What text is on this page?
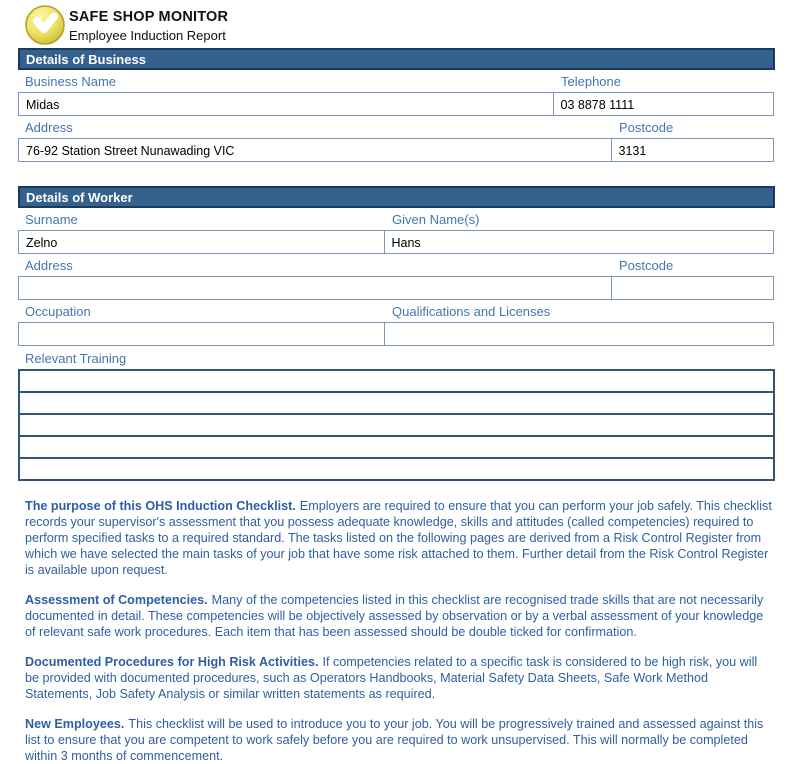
SAFE SHOP MONITOR
Employee Induction Report
Details of Business
Business Name	Telephone
Midas	03 8878 1111
Address	Postcode
76-92 Station Street Nunawading VIC	3131
Details of Worker
Surname	Given Name(s)
Zelno	Hans
Address	Postcode
Occupation	Qualifications and Licenses
Relevant Training
The purpose of this OHS Induction Checklist. Employers are required to ensure that you can perform your job safely. This checklist records your supervisor's assessment that you possess adequate knowledge, skills and attitudes (called competencies) required to perform specified tasks to a required standard. The tasks listed on the following pages are derived from a Risk Control Register from which we have selected the main tasks of your job that have some risk attached to them. Further detail from the Risk Control Register is available upon request.
Assessment of Competencies. Many of the competencies listed in this checklist are recognised trade skills that are not necessarily documented in detail. These competencies will be objectively assessed by observation or by a verbal assessment of your knowledge of relevant safe work procedures. Each item that has been assessed should be double ticked for confirmation.
Documented Procedures for High Risk Activities. If competencies related to a specific task is considered to be high risk, you will be provided with documented procedures, such as Operators Handbooks, Material Safety Data Sheets, Safe Work Method Statements, Job Safety Analysis or similar written statements as required.
New Employees. This checklist will be used to introduce you to your job. You will be progressively trained and assessed against this list to ensure that you are competent to work safely before you are required to work unsupervised. This will normally be completed within 3 months of commencement.
